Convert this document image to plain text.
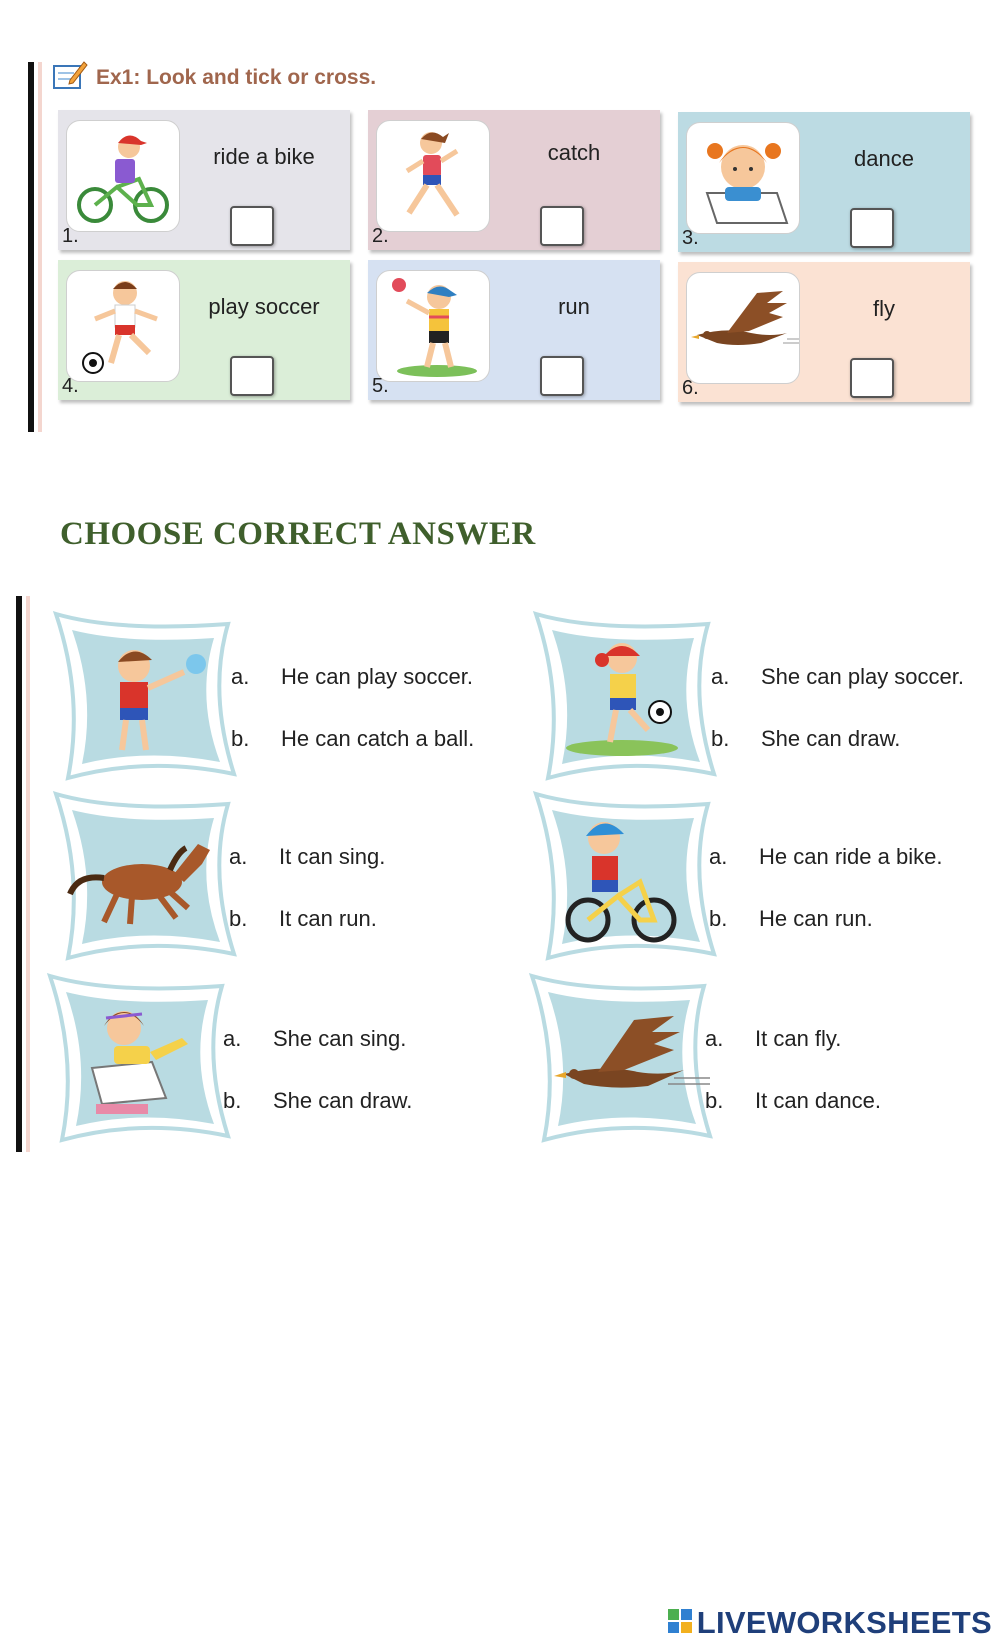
Ex1: Look and tick or cross.
ride a bike
1.
catch
2.
dance
3.
play soccer
4.
run
5.
fly
6.
CHOOSE CORRECT ANSWER
a.	He can play soccer.
b.	He can catch a ball.
a.	She can play soccer.
b.	She can draw.
a.	It can sing.
b.	It can run.
a.	He can ride a bike.
b.	He can run.
a.	She can sing.
b.	She can draw.
a.	It can fly.
b.	It can dance.
LIVEWORKSHEETS
